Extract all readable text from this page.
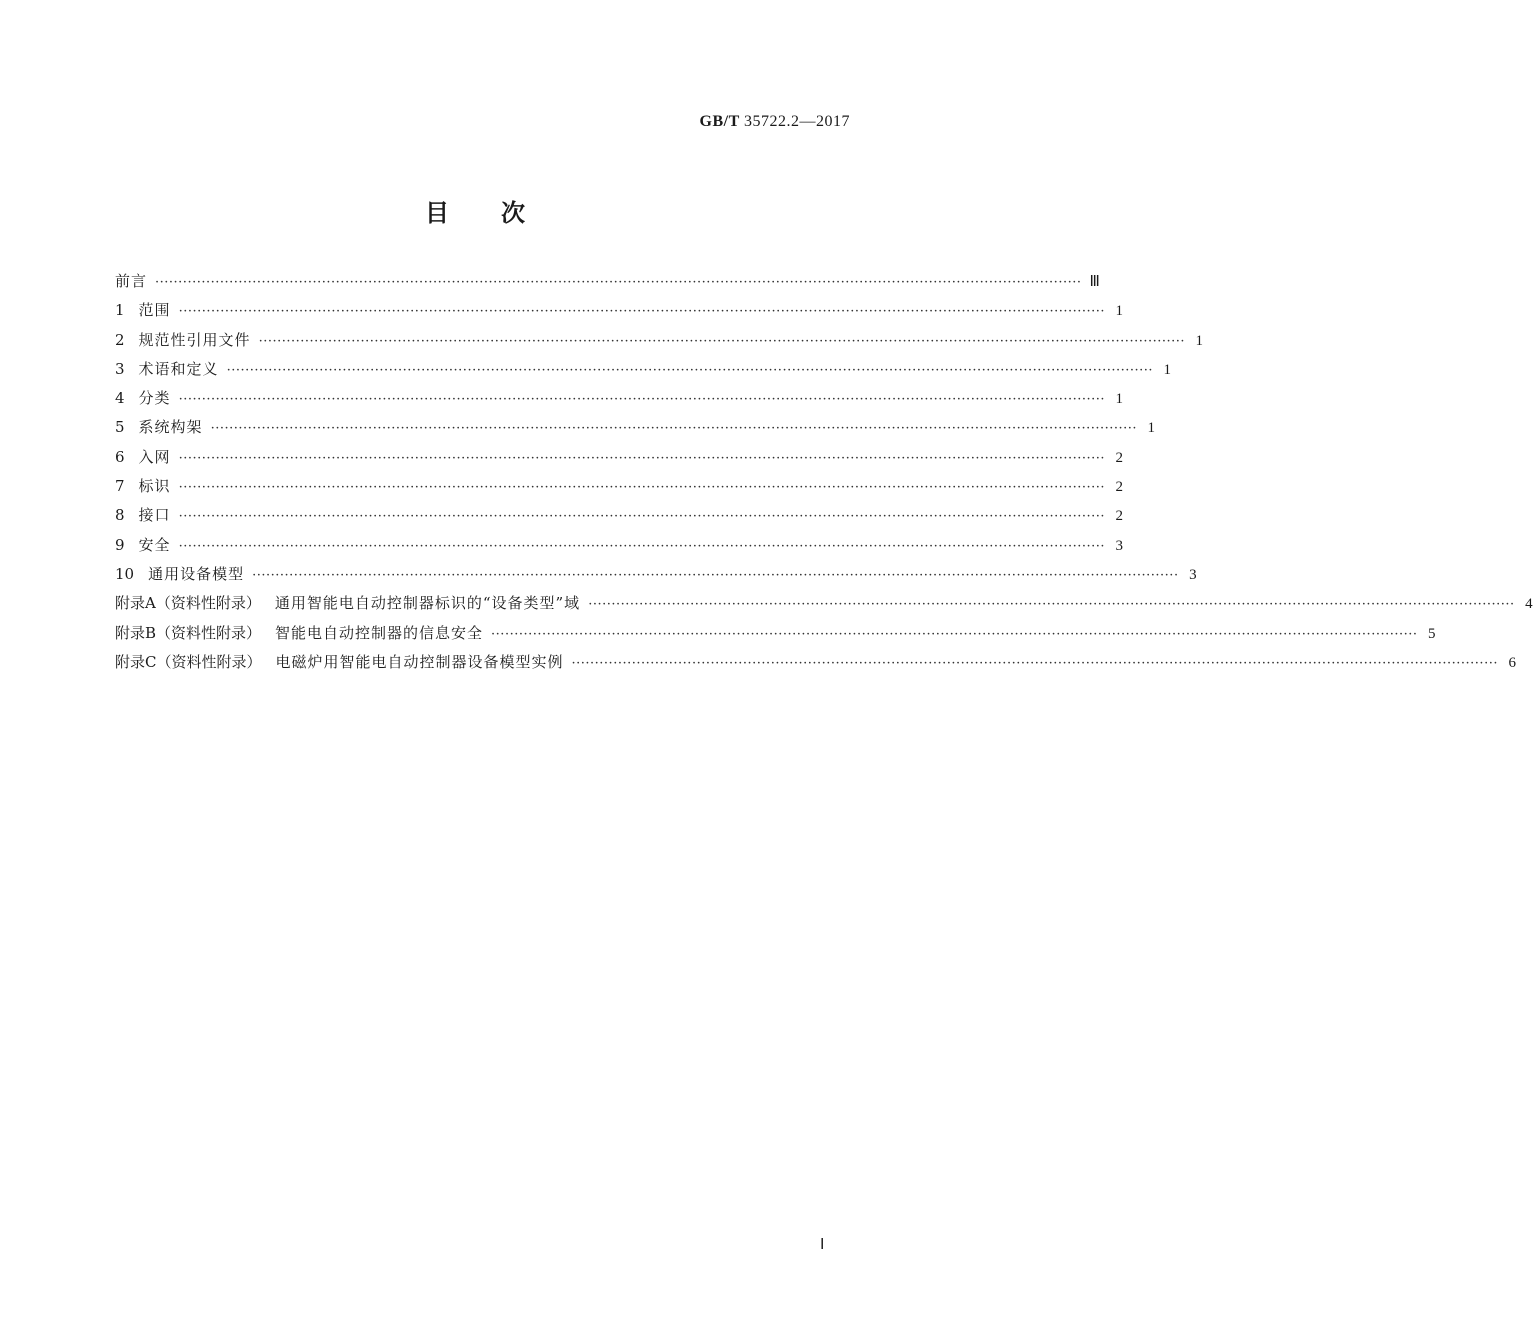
GB/T 35722.2—2017
目次
前言 ········································································································································································································ Ⅲ
1 范围 ········································································································································································································ 1
2 规范性引用文件 ········································································································································································································ 1
3 术语和定义 ········································································································································································································ 1
4 分类 ········································································································································································································ 1
5 系统构架 ········································································································································································································ 1
6 入网 ········································································································································································································ 2
7 标识 ········································································································································································································ 2
8 接口 ········································································································································································································ 2
9 安全 ········································································································································································································ 3
10 通用设备模型 ········································································································································································································ 3
附录A（资料性附录） 通用智能电自动控制器标识的“设备类型”域 ········································································································································································································ 4
附录B（资料性附录） 智能电自动控制器的信息安全 ········································································································································································································ 5
附录C（资料性附录） 电磁炉用智能电自动控制器设备模型实例 ········································································································································································································ 6
Ⅰ
